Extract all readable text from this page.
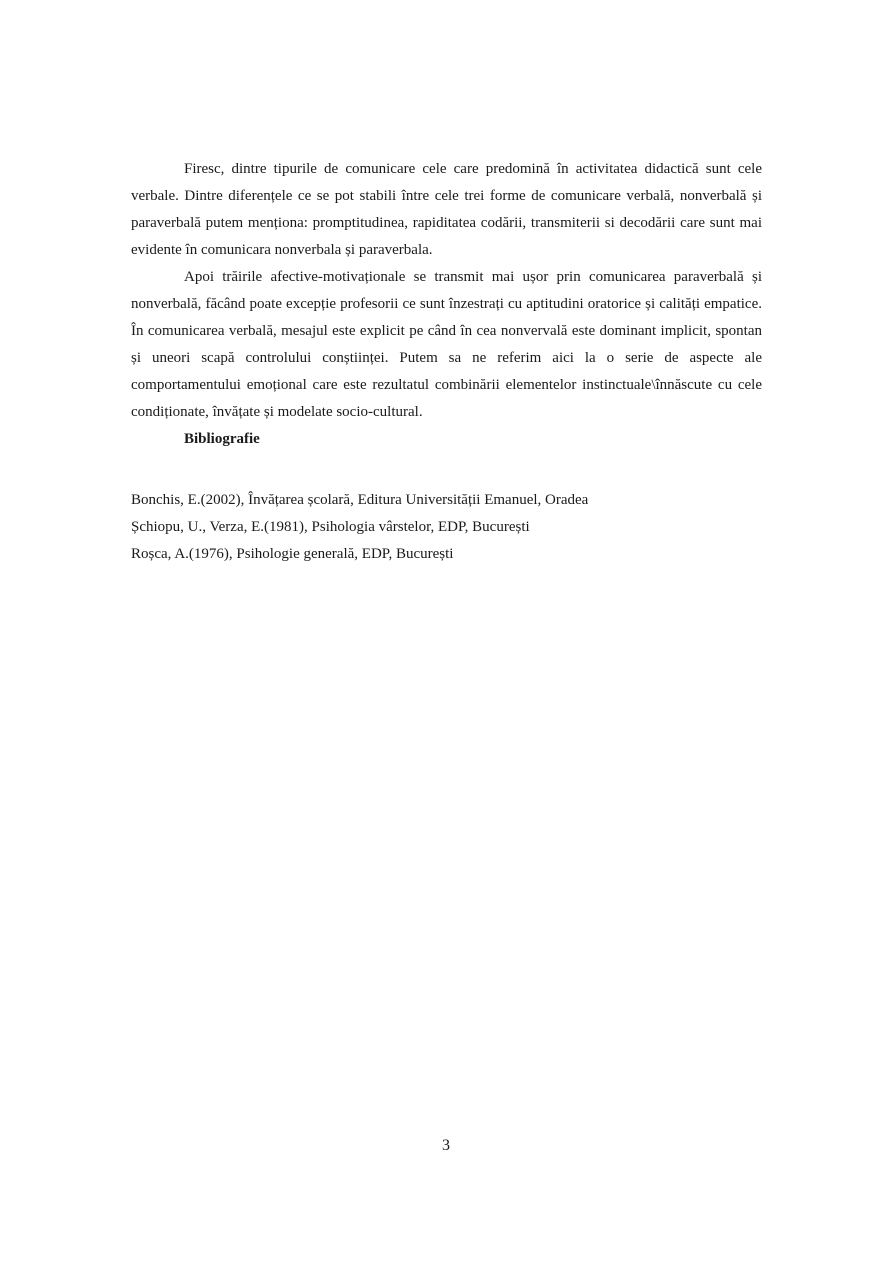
Firesc, dintre tipurile de comunicare cele care predomină în activitatea didactică sunt cele verbale. Dintre diferențele ce se pot stabili între cele trei forme de comunicare verbală, nonverbală și paraverbală putem menționa: promptitudinea, rapiditatea codării, transmiterii si decodării care sunt mai evidente în comunicara nonverbala și paraverbala.

Apoi trăirile afective-motivaționale se transmit mai ușor prin comunicarea paraverbală și nonverbală, făcând poate excepție profesorii ce sunt înzestrați cu aptitudini oratorice și calități empatice. În comunicarea verbală, mesajul este explicit pe când în cea nonvervală este dominant implicit, spontan și uneori scapă controlului conștiinței. Putem sa ne referim aici la o serie de aspecte ale comportamentului emoțional care este rezultatul combinării elementelor instinctuale\înnăscute cu cele condiționate, învățate și modelate socio-cultural.

Bibliografie

Bonchis, E.(2002), Învățarea școlară, Editura Universității Emanuel, Oradea
Șchiopu, U., Verza, E.(1981), Psihologia vârstelor, EDP, București
Roșca, A.(1976), Psihologie generală, EDP, București
3
